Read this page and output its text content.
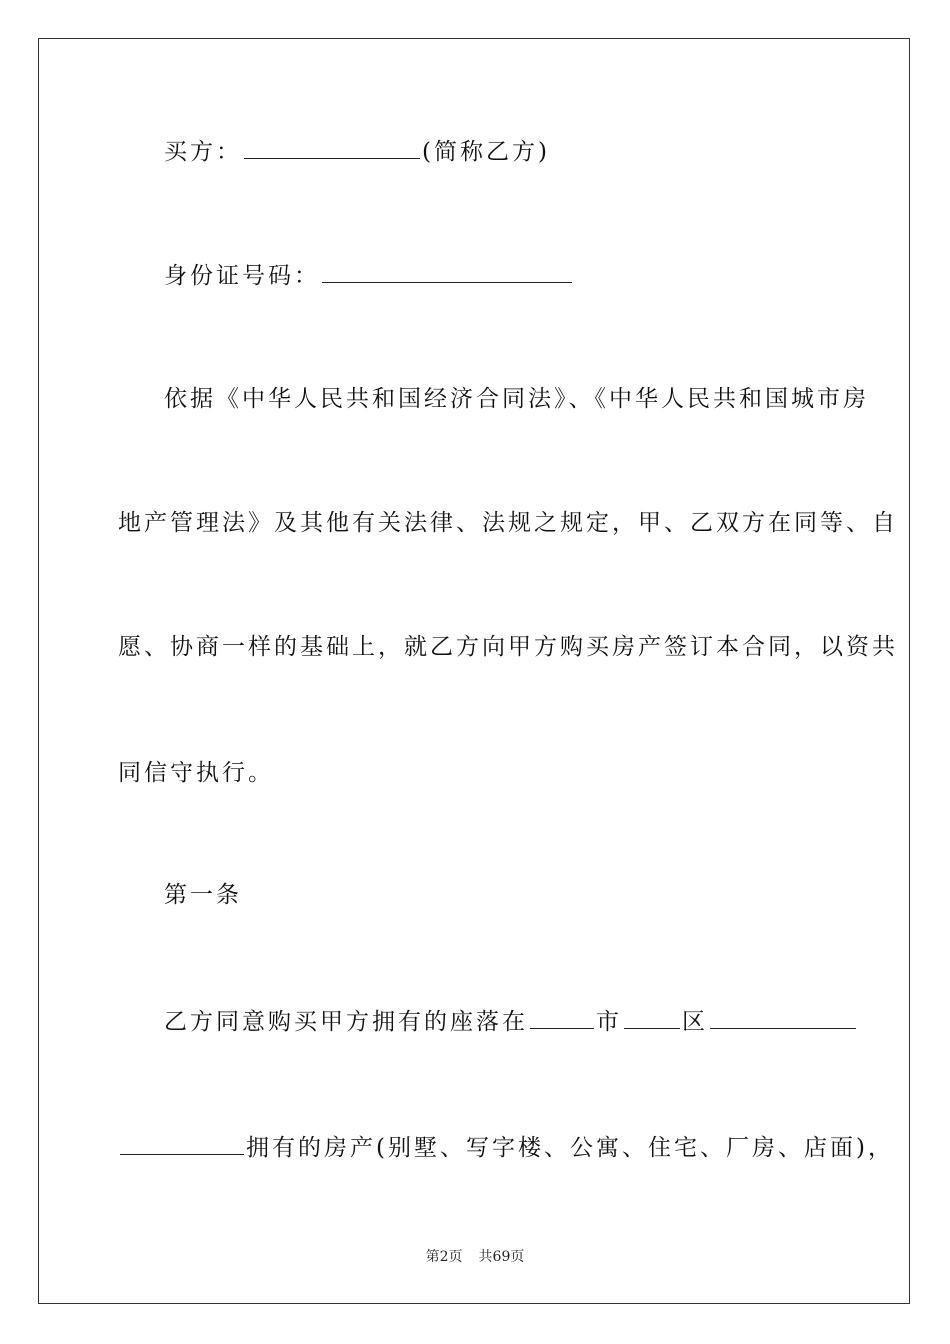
买方：	(简称乙方)
身份证号码：
依据《中华人民共和国经济合同法》、《中华人民共和国城市房
地产管理法》及其他有关法律、法规之规定，甲、乙双方在同等、自
愿、协商一样的基础上，就乙方向甲方购买房产签订本合同，以资共
同信守执行。
第一条
乙方同意购买甲方拥有的座落在	市	区
拥有的房产(别墅、写字楼、公寓、住宅、厂房、店面)，
第2页 共69页
